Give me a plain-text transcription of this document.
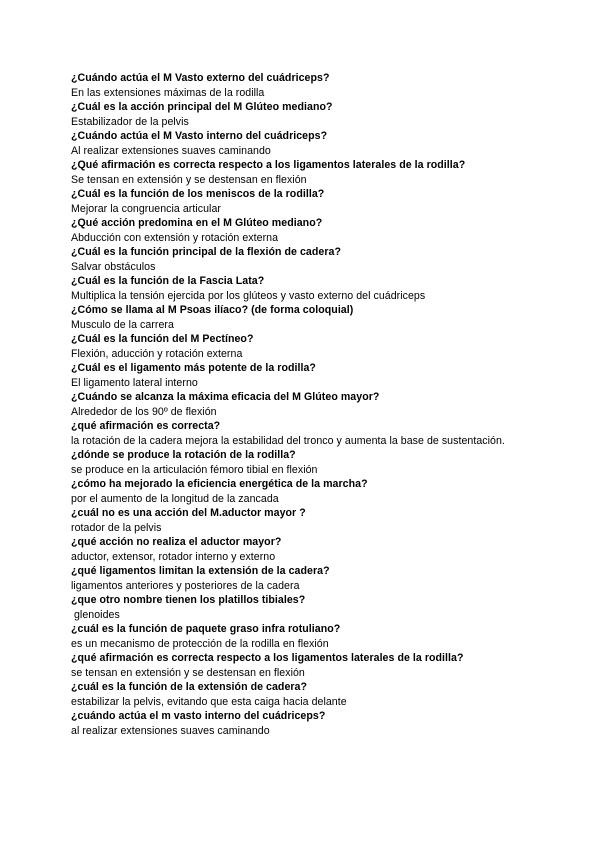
¿Cuándo actúa el M Vasto externo del cuádriceps?
En las extensiones máximas de la rodilla
¿Cuál es la acción principal del M Glúteo mediano?
Estabilizador de la pelvis
¿Cuándo actúa el M Vasto interno del cuádriceps?
Al realizar extensiones suaves caminando
¿Qué afirmación es correcta respecto a los ligamentos laterales de la rodilla?
Se tensan en extensión y se destensan en flexión
¿Cuál es la función de los meniscos de la rodilla?
Mejorar la congruencia articular
¿Qué acción predomina en el M Glúteo mediano?
Abducción con extensión y rotación externa
¿Cuál es la función principal de la flexión de cadera?
Salvar obstáculos
¿Cuál es la función de la Fascia Lata?
Multiplica la tensión ejercida por los glúteos y vasto externo del cuádriceps
¿Cómo se llama al M Psoas ilíaco? (de forma coloquial)
Musculo de la carrera
¿Cuál es la función del M Pectíneo?
Flexión, aducción y rotación externa
¿Cuál es el ligamento más potente de la rodilla?
El ligamento lateral interno
¿Cuándo se alcanza la máxima eficacia del M Glúteo mayor?
Alrededor de los 90º de flexión
¿qué afirmación es correcta?
la rotación de la cadera mejora la estabilidad del tronco y aumenta la base de sustentación.
¿dónde se produce la rotación de la rodilla?
se produce en la articulación fémoro tibial en flexión
¿cómo ha mejorado la eficiencia energética de la marcha?
por el aumento de la longitud de la zancada
¿cuál no es una acción del M.aductor mayor ?
rotador de la pelvis
¿qué acción no realiza el aductor mayor?
aductor, extensor, rotador interno y externo
¿qué ligamentos limitan la extensión de la cadera?
ligamentos anteriores y posteriores de la cadera
¿que otro nombre tienen los platillos tibiales?
glenoides
¿cuál es la función de paquete graso infra rotuliano?
es un mecanismo de protección de la rodilla en flexión
¿qué afirmación es correcta respecto a los ligamentos laterales de la rodilla?
se tensan en extensión y se destensan en flexión
¿cuál es la función de la extensión de cadera?
estabilizar la pelvis, evitando que esta caiga hacia delante
¿cuándo actúa el m vasto interno del cuádriceps?
al realizar extensiones suaves caminando
